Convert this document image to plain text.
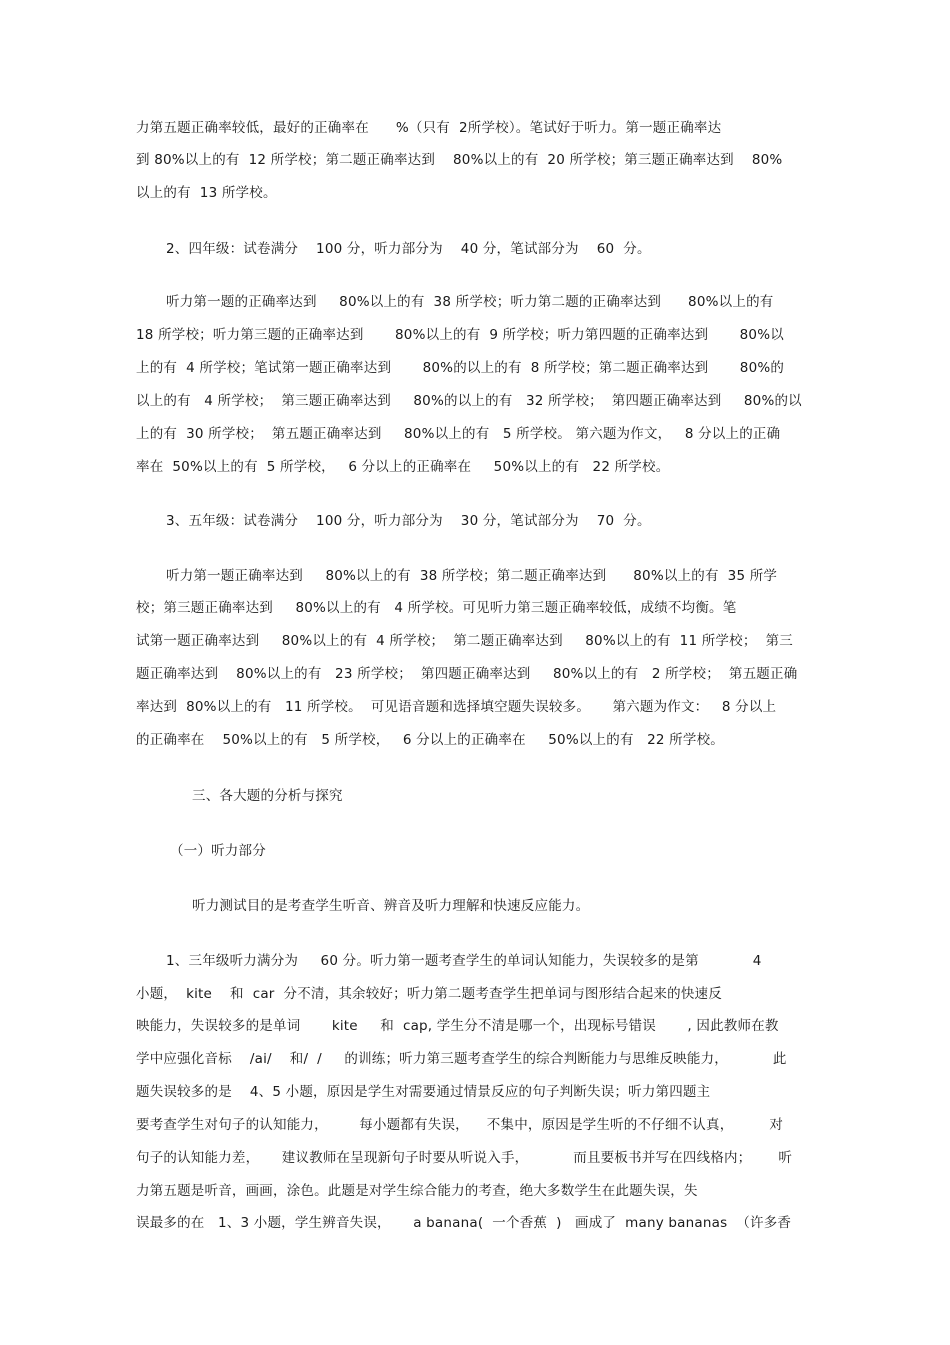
力第五题正确率较低，最好的正确率在      %（只有  2所学校）。笔试好于听力。第一题正确率达
到 80%以上的有  12 所学校；第二题正确率达到    80%以上的有  20 所学校；第三题正确率达到    80%
以上的有  13 所学校。
2、四年级：试卷满分    100 分，听力部分为    40 分，笔试部分为    60  分。
听力第一题的正确率达到     80%以上的有  38 所学校；听力第二题的正确率达到      80%以上的有
18 所学校；听力第三题的正确率达到       80%以上的有  9 所学校；听力第四题的正确率达到       80%以
上的有  4 所学校；笔试第一题正确率达到       80%的以上的有  8 所学校；第二题正确率达到       80%的
以上的有   4 所学校；  第三题正确率达到     80%的以上的有   32 所学校；  第四题正确率达到     80%的以
上的有  30 所学校；  第五题正确率达到     80%以上的有   5 所学校。 第六题为作文，   8 分以上的正确
率在  50%以上的有  5 所学校，   6 分以上的正确率在     50%以上的有   22 所学校。
3、五年级：试卷满分    100 分，听力部分为    30 分，笔试部分为    70  分。
听力第一题正确率达到     80%以上的有  38 所学校；第二题正确率达到      80%以上的有  35 所学
校；第三题正确率达到     80%以上的有   4 所学校。可见听力第三题正确率较低，成绩不均衡。笔
试第一题正确率达到     80%以上的有  4 所学校；  第二题正确率达到     80%以上的有  11 所学校；  第三
题正确率达到    80%以上的有   23 所学校；  第四题正确率达到     80%以上的有   2 所学校；  第五题正确
率达到  80%以上的有   11 所学校。  可见语音题和选择填空题失误较多。     第六题为作文：   8 分以上
的正确率在    50%以上的有   5 所学校，   6 分以上的正确率在     50%以上的有   22 所学校。
三、各大题的分析与探究
（一）听力部分
听力测试目的是考查学生听音、辨音及听力理解和快速反应能力。
1、三年级听力满分为     60 分。听力第一题考查学生的单词认知能力，失误较多的是第            4
小题，  kite    和  car  分不清，其余较好；听力第二题考查学生把单词与图形结合起来的快速反
映能力，失误较多的是单词       kite     和  cap, 学生分不清是哪一个，出现标号错误       , 因此教师在教
学中应强化音标    /ai/    和/  /     的训练；听力第三题考查学生的综合判断能力与思维反映能力，          此
题失误较多的是    4、5 小题，原因是学生对需要通过情景反应的句子判断失误；听力第四题主
要考查学生对句子的认知能力，       每小题都有失误，    不集中，原因是学生听的不仔细不认真，        对
句子的认知能力差，     建议教师在呈现新句子时要从听说入手，          而且要板书并写在四线格内；      听
力第五题是听音，画画，涂色。此题是对学生综合能力的考查，绝大多数学生在此题失误，失
误最多的在   1、3 小题，学生辨音失误，     a banana(  一个香蕉  )   画成了  many bananas  （许多香
